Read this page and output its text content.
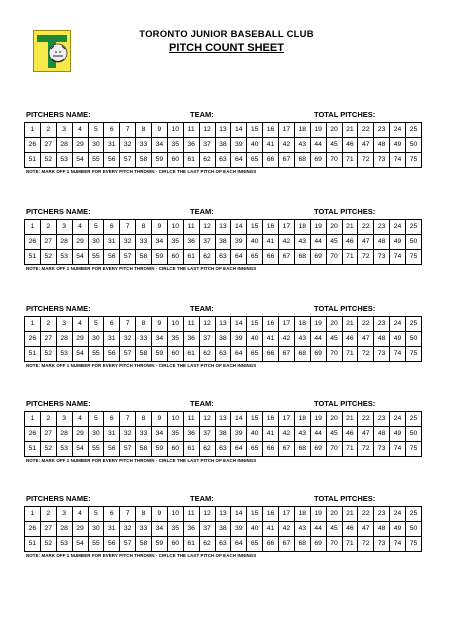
TORONTO JUNIOR BASEBALL CLUB
PITCH COUNT SHEET
PITCHERS NAME:	TEAM:	TOTAL PITCHES:
1	2	3	4	5	6	7	8	9	10	11	12	13	14	15	16	17	18	19	20	21	22	23	24	25
26	27	28	29	30	31	32	33	34	35	36	37	38	39	40	41	42	43	44	45	46	47	48	49	50
51	52	53	54	55	56	57	58	59	60	61	62	63	64	65	66	67	68	69	70	71	72	73	74	75
NOTE: MARK OFF 1 NUMBER FOR EVERY PITCH THROWN - CIRLCE THE LAST PITCH OF EACH INNINGS
PITCHERS NAME:	TEAM:	TOTAL PITCHES:
1	2	3	4	5	6	7	8	9	10	11	12	13	14	15	16	17	18	19	20	21	22	23	24	25
26	27	28	29	30	31	32	33	34	35	36	37	38	39	40	41	42	43	44	45	46	47	48	49	50
51	52	53	54	55	56	57	58	59	60	61	62	63	64	65	66	67	68	69	70	71	72	73	74	75
NOTE: MARK OFF 1 NUMBER FOR EVERY PITCH THROWN - CIRLCE THE LAST PITCH OF EACH INNINGS
PITCHERS NAME:	TEAM:	TOTAL PITCHES:
1	2	3	4	5	6	7	8	9	10	11	12	13	14	15	16	17	18	19	20	21	22	23	24	25
26	27	28	29	30	31	32	33	34	35	36	37	38	39	40	41	42	43	44	45	46	47	48	49	50
51	52	53	54	55	56	57	58	59	60	61	62	63	64	65	66	67	68	69	70	71	72	73	74	75
NOTE: MARK OFF 1 NUMBER FOR EVERY PITCH THROWN - CIRLCE THE LAST PITCH OF EACH INNINGS
PITCHERS NAME:	TEAM:	TOTAL PITCHES:
1	2	3	4	5	6	7	8	9	10	11	12	13	14	15	16	17	18	19	20	21	22	23	24	25
26	27	28	29	30	31	32	33	34	35	36	37	38	39	40	41	42	43	44	45	46	47	48	49	50
51	52	53	54	55	56	57	58	59	60	61	62	63	64	65	66	67	68	69	70	71	72	73	74	75
NOTE: MARK OFF 1 NUMBER FOR EVERY PITCH THROWN - CIRLCE THE LAST PITCH OF EACH INNINGS
PITCHERS NAME:	TEAM:	TOTAL PITCHES:
1	2	3	4	5	6	7	8	9	10	11	12	13	14	15	16	17	18	19	20	21	22	23	24	25
26	27	28	29	30	31	32	33	34	35	36	37	38	39	40	41	42	43	44	45	46	47	48	49	50
51	52	53	54	55	56	57	58	59	60	61	62	63	64	65	66	67	68	69	70	71	72	73	74	75
NOTE: MARK OFF 1 NUMBER FOR EVERY PITCH THROWN - CIRLCE THE LAST PITCH OF EACH INNINGS
